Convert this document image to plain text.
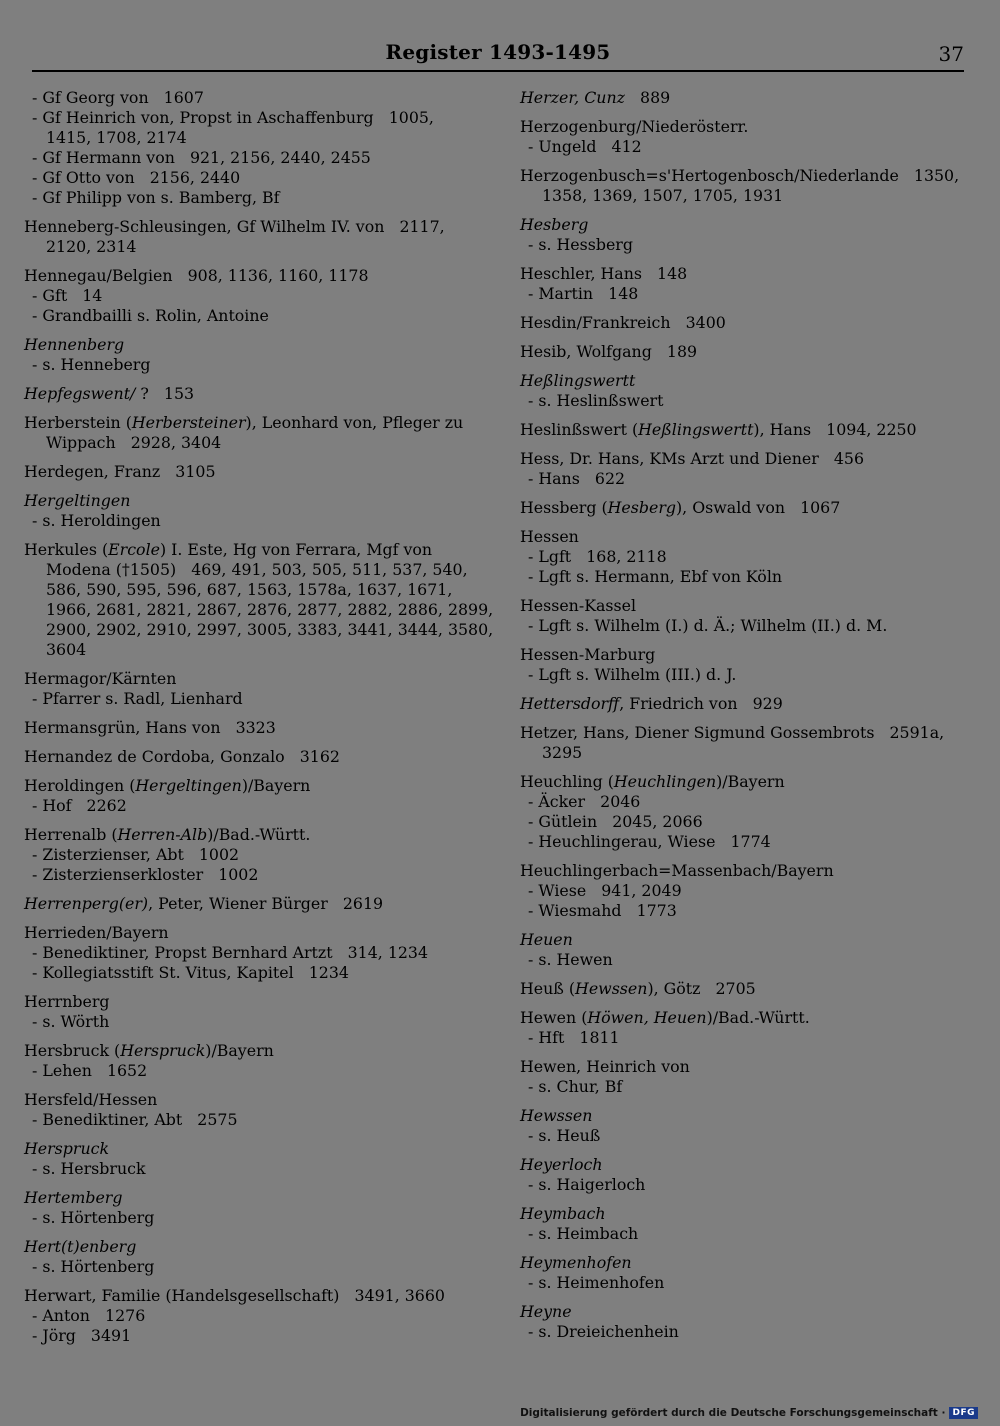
Register 1493-1495	37
- Gf Georg von   1607
- Gf Heinrich von, Propst in Aschaffenburg   1005,
1415, 1708, 2174
- Gf Hermann von   921, 2156, 2440, 2455
- Gf Otto von   2156, 2440
- Gf Philipp von s. Bamberg, Bf
Henneberg-Schleusingen, Gf Wilhelm IV. von   2117,
2120, 2314
Hennegau/Belgien   908, 1136, 1160, 1178
- Gft   14
- Grandbailli s. Rolin, Antoine
Hennenberg
- s. Henneberg
Hepfegswent/ ?   153
Herberstein (Herbersteiner), Leonhard von, Pfleger zu
Wippach   2928, 3404
Herdegen, Franz   3105
Hergeltingen
- s. Heroldingen
Herkules (Ercole) I. Este, Hg von Ferrara, Mgf von
Modena (†1505)   469, 491, 503, 505, 511, 537, 540,
586, 590, 595, 596, 687, 1563, 1578a, 1637, 1671,
1966, 2681, 2821, 2867, 2876, 2877, 2882, 2886, 2899,
2900, 2902, 2910, 2997, 3005, 3383, 3441, 3444, 3580,
3604
Hermagor/Kärnten
- Pfarrer s. Radl, Lienhard
Hermansgrün, Hans von   3323
Hernandez de Cordoba, Gonzalo   3162
Heroldingen (Hergeltingen)/Bayern
- Hof   2262
Herrenalb (Herren-Alb)/Bad.-Württ.
- Zisterzienser, Abt   1002
- Zisterzienserkloster   1002
Herrenperg(er), Peter, Wiener Bürger   2619
Herrieden/Bayern
- Benediktiner, Propst Bernhard Artzt   314, 1234
- Kollegiatsstift St. Vitus, Kapitel   1234
Herrnberg
- s. Wörth
Hersbruck (Herspruck)/Bayern
- Lehen   1652
Hersfeld/Hessen
- Benediktiner, Abt   2575
Herspruck
- s. Hersbruck
Hertemberg
- s. Hörtenberg
Hert(t)enberg
- s. Hörtenberg
Herwart, Familie (Handelsgesellschaft)   3491, 3660
- Anton   1276
- Jörg   3491
Herzer, Cunz   889
Herzogenburg/Niederösterr.
- Ungeld   412
Herzogenbusch=s'Hertogenbosch/Niederlande   1350,
1358, 1369, 1507, 1705, 1931
Hesberg
- s. Hessberg
Heschler, Hans   148
- Martin   148
Hesdin/Frankreich   3400
Hesib, Wolfgang   189
Heßlingswertt
- s. Heslinßswert
Heslinßswert (Heßlingswertt), Hans   1094, 2250
Hess, Dr. Hans, KMs Arzt und Diener   456
- Hans   622
Hessberg (Hesberg), Oswald von   1067
Hessen
- Lgft   168, 2118
- Lgft s. Hermann, Ebf von Köln
Hessen-Kassel
- Lgft s. Wilhelm (I.) d. Ä.; Wilhelm (II.) d. M.
Hessen-Marburg
- Lgft s. Wilhelm (III.) d. J.
Hettersdorff, Friedrich von   929
Hetzer, Hans, Diener Sigmund Gossembrots   2591a,
3295
Heuchling (Heuchlingen)/Bayern
- Äcker   2046
- Gütlein   2045, 2066
- Heuchlingerau, Wiese   1774
Heuchlingerbach=Massenbach/Bayern
- Wiese   941, 2049
- Wiesmahd   1773
Heuen
- s. Hewen
Heuß (Hewssen), Götz   2705
Hewen (Höwen, Heuen)/Bad.-Württ.
- Hft   1811
Hewen, Heinrich von
- s. Chur, Bf
Hewssen
- s. Heuß
Heyerloch
- s. Haigerloch
Heymbach
- s. Heimbach
Heymenhofen
- s. Heimenhofen
Heyne
- s. Dreieichenhein
Digitalisierung gefördert durch die Deutsche Forschungsgemeinschaft · DFG
